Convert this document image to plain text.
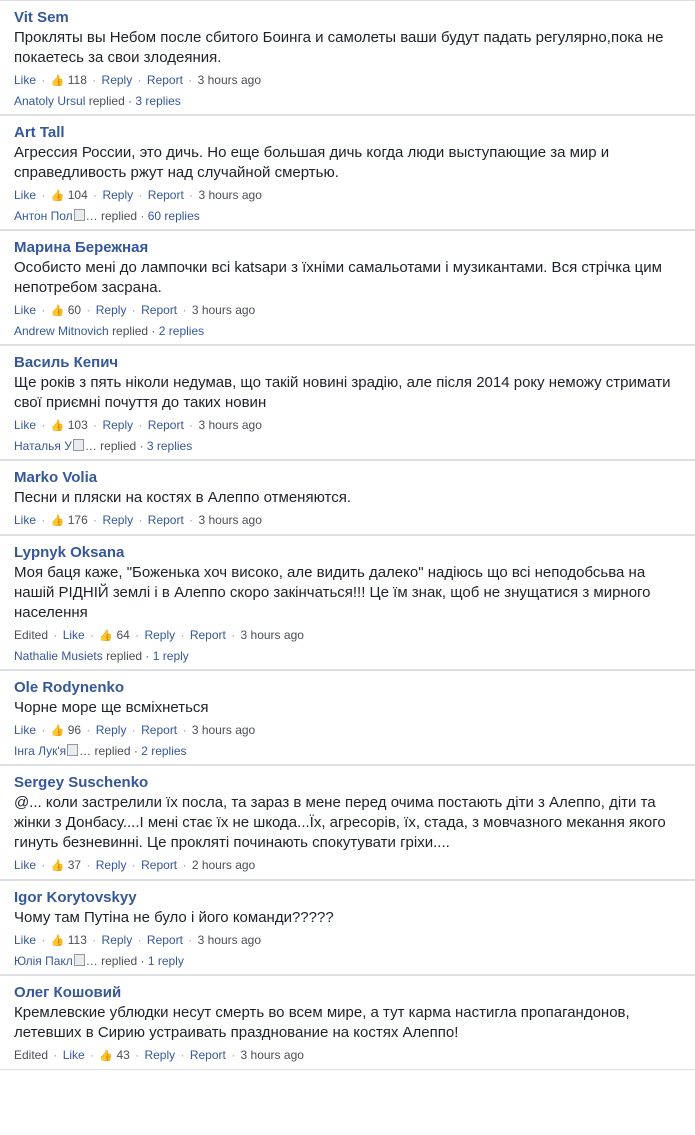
Vit Sem
Прокляты вы Небом после сбитого Боинга и самолеты ваши будут падать регулярно,пока не покаетесь за свои злодеяния.
Like · 👍 118 · Reply · Report · 3 hours ago
Anatoly Ursul replied · 3 replies
Art Tall
Агрессия России, это дичь. Но еще большая дичь когда люди выступающие за мир и справедливость ржут над случайной смертью.
Like · 👍 104 · Reply · Report · 3 hours ago
Антон Пол … replied · 60 replies
Марина Бережная
Особисто мені до лампочки всі katsapи з їхніми самальотами і музикантами. Вся стрічка цим непотребом засрана.
Like · 👍 60 · Reply · Report · 3 hours ago
Andrew Mitnovich replied · 2 replies
Василь Кепич
Ще років з пять ніколи недумав, що такій новині зрадію, але після 2014 року неможу стримати свої приємні почуття до таких новин
Like · 👍 103 · Reply · Report · 3 hours ago
Наталья У … replied · 3 replies
Marko Volia
Песни и пляски на костях в Алеппо отменяются.
Like · 👍 176 · Reply · Report · 3 hours ago
Lypnyk Oksana
Моя баця каже, "Боженька хоч високо, але видить далеко" надіюсь що всі неподобсьва на нашій РІДНІЙ землі і в Алеппо скоро закінчаться!!! Це їм знак, щоб не знущатися з мирного населення
Edited · Like · 👍 64 · Reply · Report · 3 hours ago
Nathalie Musiets replied · 1 reply
Ole Rodynenko
Чорне море ще всміхнеться
Like · 👍 96 · Reply · Report · 3 hours ago
Інга Лук'я … replied · 2 replies
Sergey Suschenko
@... коли застрелили їх посла, та зараз в мене перед очима постають діти з Алеппо, діти та жінки з Донбасу....І мені стає їх не шкода...Їх, агресорів, їх, стада, з мовчазного мекання якого гинуть безневинні. Це прокляті починають спокутувати гріхи....
Like · 👍 37 · Reply · Report · 2 hours ago
Igor Korytovskyy
Чому там Путіна не було і його команди?????
Like · 👍 113 · Reply · Report · 3 hours ago
Юлія Пакл … replied · 1 reply
Олег Кошовий
Кремлевские ублюдки несут смерть во всем мире, а тут карма настигла пропагандонов, летевших в Сирию устраивать празднование на костях Алеппо!
Edited · Like · 👍 43 · Reply · Report · 3 hours ago
